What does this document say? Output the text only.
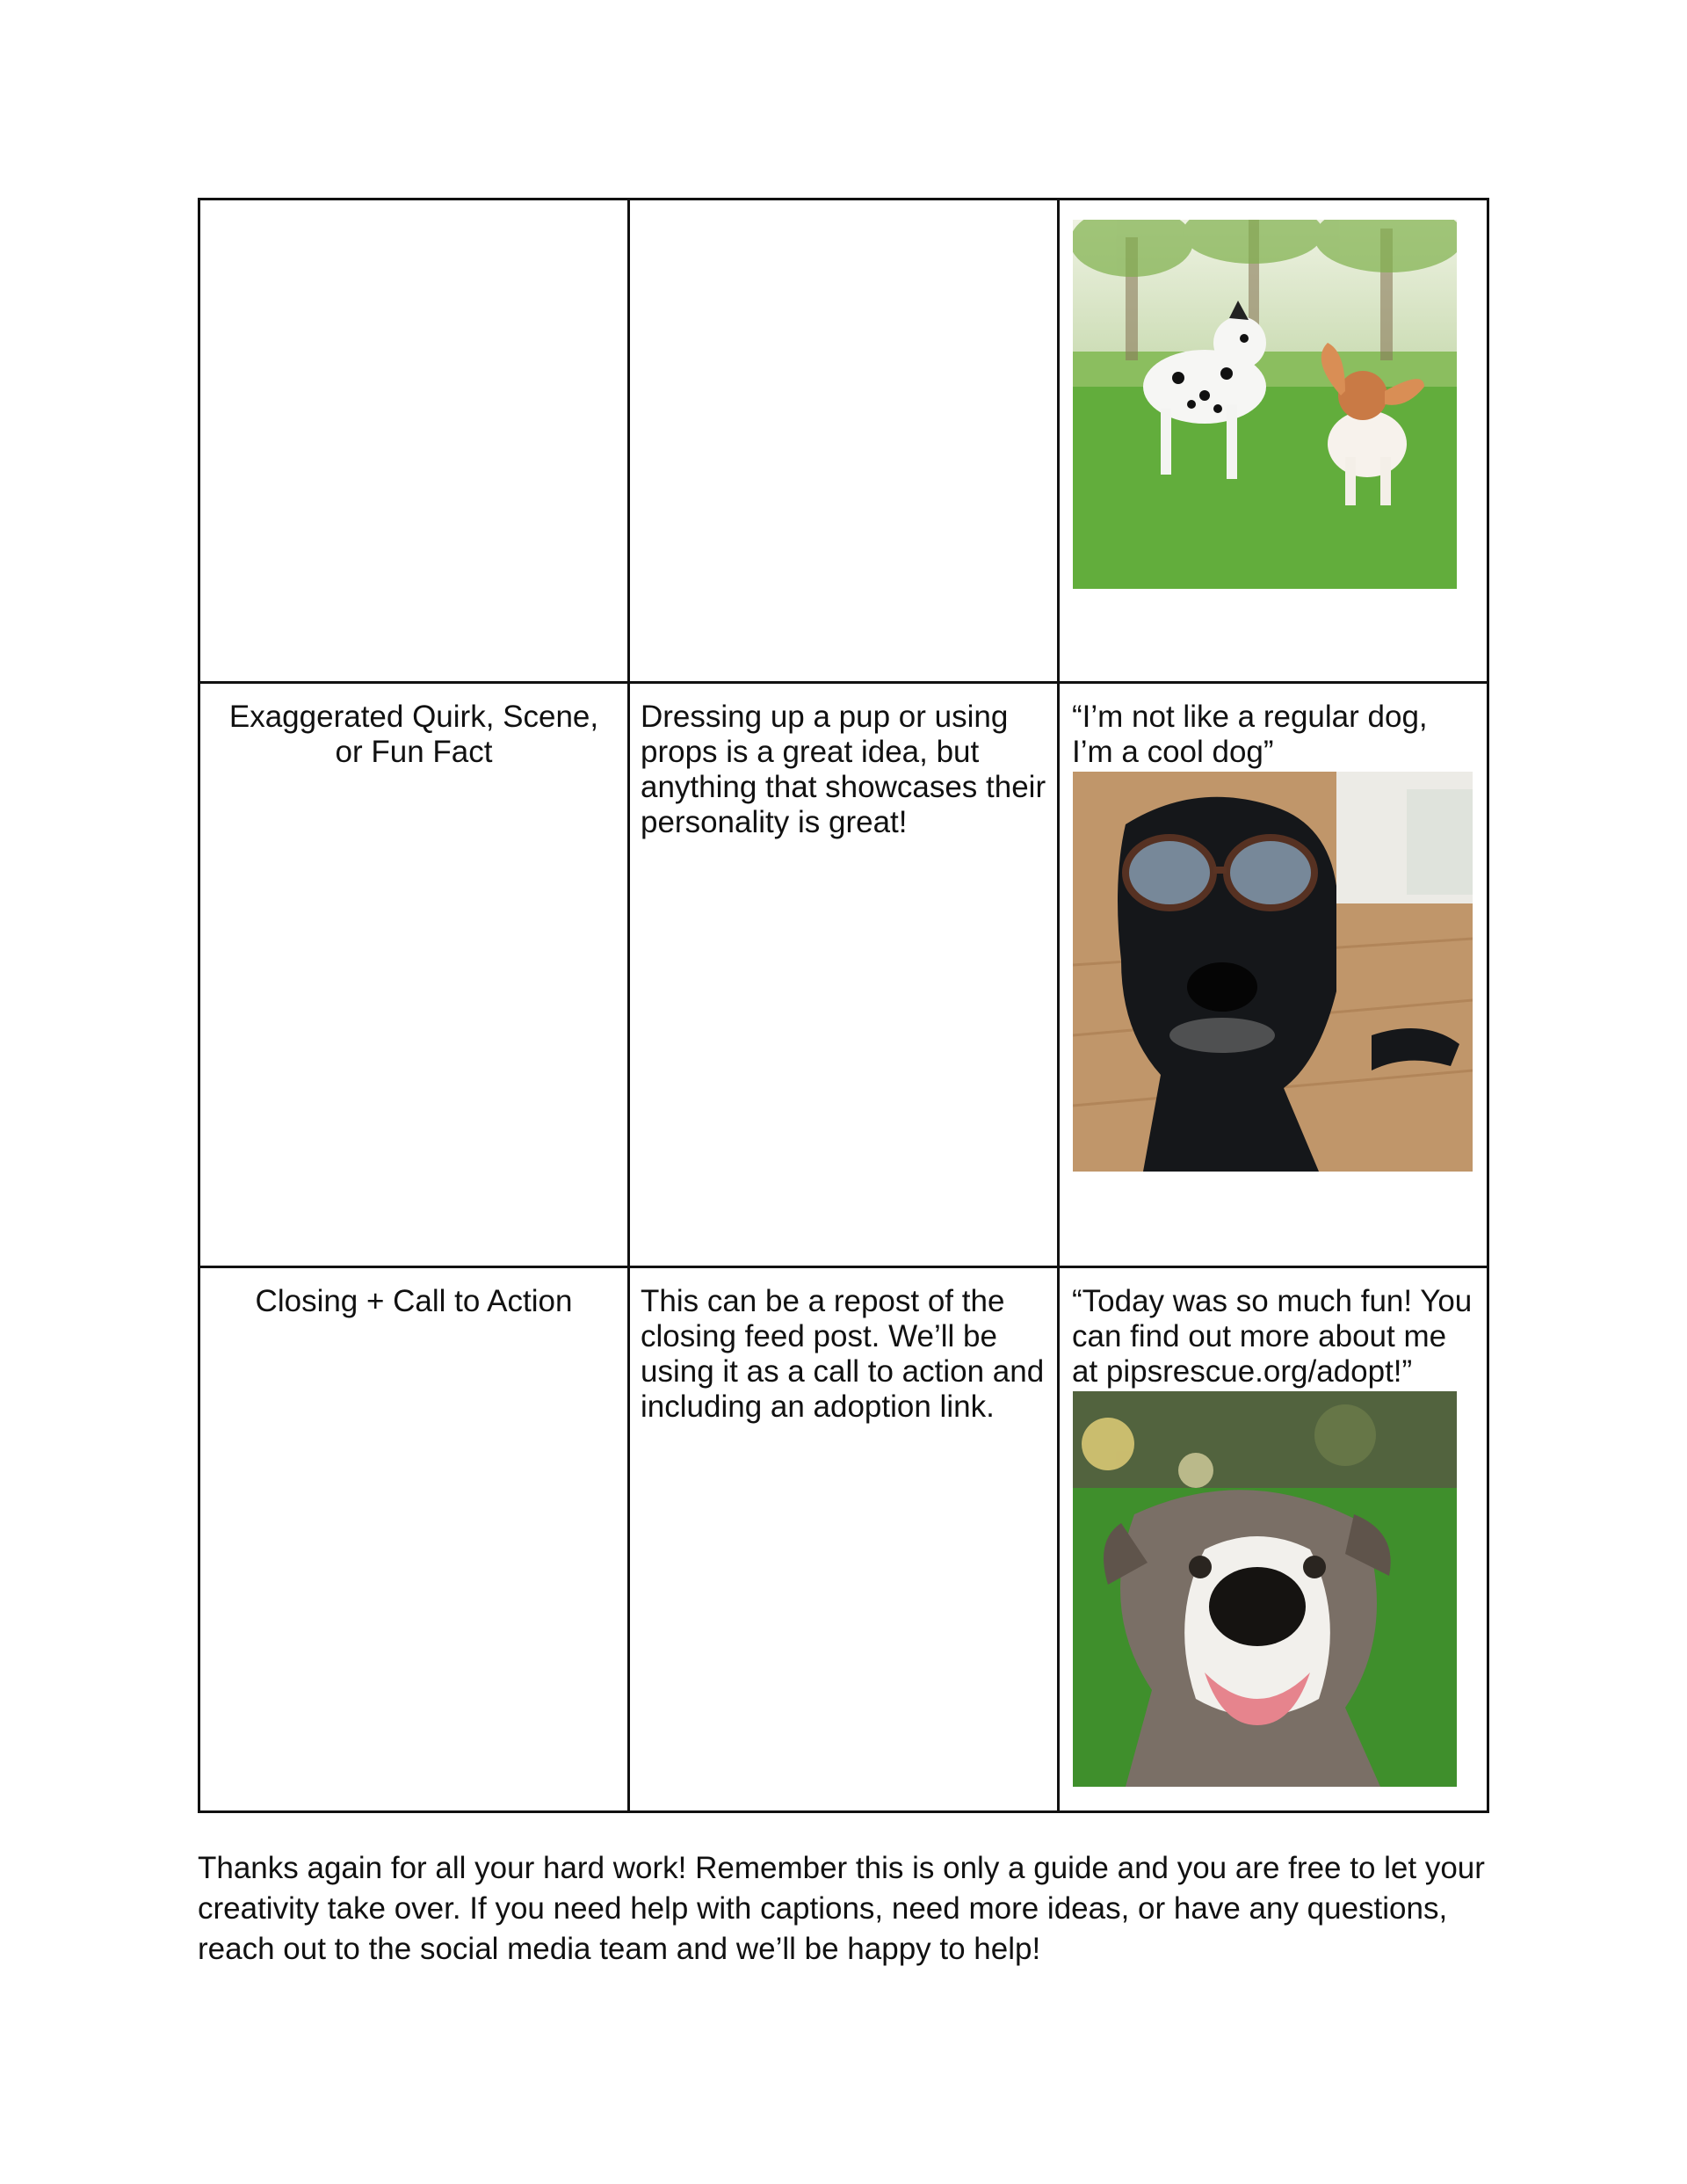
Exaggerated Quirk, Scene, or Fun Fact	Dressing up a pup or using props is a great idea, but anything that showcases their personality is great!	“I’m not like a regular dog, I’m a cool dog”

Closing + Call to Action	This can be a repost of the closing feed post. We’ll be using it as a call to action and including an adoption link.	“Today was so much fun! You can find out more about me at pipsrescue.org/adopt!”
Thanks again for all your hard work! Remember this is only a guide and you are free to let your creativity take over. If you need help with captions, need more ideas, or have any questions, reach out to the social media team and we’ll be happy to help!
